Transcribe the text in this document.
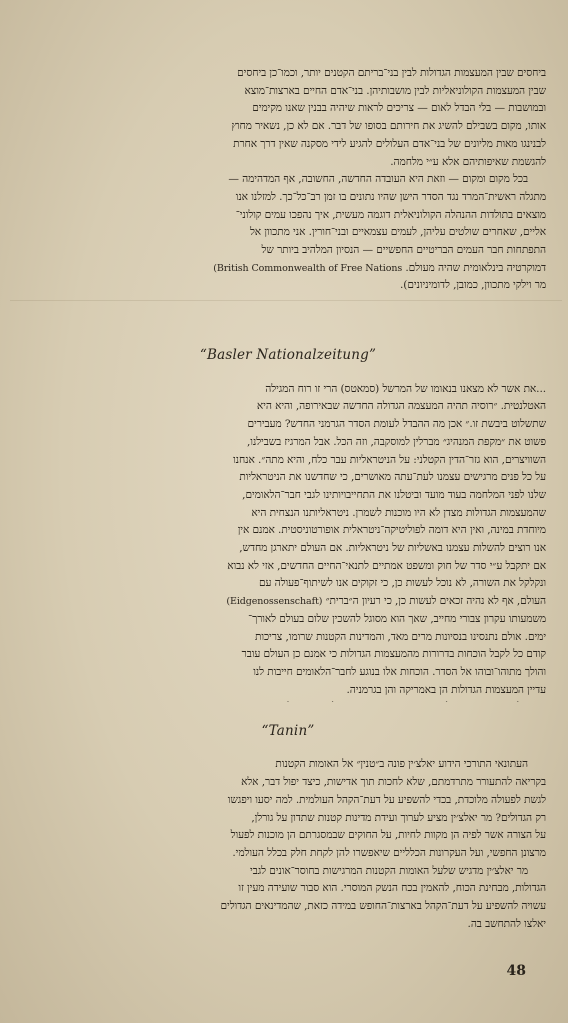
ביחסים שבין המעצמות הגדולות לבין בני־בריתם הקטנים יותר, וכמו־כן ביחסים

שבין המעצמות הקולוניאליות לבין מושבותיהן. בני־אדם החיים בארצות־מוצא

ובמושבות — בלי הבדל לאום — צריכים לראות שיהיה בבנין שאנו מקימים

אותו, מקום בשבילם להשיג את חירותם בסופו של דבר. אם לא כן, נשאיר מחוץ

לבנינגו מאות מליונים של בני־אדם העלולים להגיע לידי מסקנה שאין דרך אחרת

להגשמת שאיפותיהם אלא ע״י מלחמה.

בכל מקום ומקום — וזאת היא העובדה החדשה, החשובה, אף המדהימה —

מתגלה ראשית־המרד נגד הסדר הישן שהיו נתונים בו זמן רב־כל־כך. למזלנו אנו

מוצאים בתולדות ההנהלה הקולוניאלית דוגמה מעשית, איך נהפכו עמים קולוני־

אליים, שאחרים שולטים עליהן, לעמים עצמאיים ובני־חורין. אני מתכוון אל

התפתחות חבר העמים הבריטיים החפשיים — הנסיון המלהיב ביותר של

דמוקרטיה בינלאומית שהיה מעולם. (British Commonwealth of Free Nations

מר וילקי מתכוון, כמובן, לדומיניונים).

“Basler Nationalzeitung”

...את אשר לא מצאנו בנאומו של המרשל (סמאטס) הרי זו רוח המגילה

האטלנטית. ״רוסיה תהיה המעצמה הגדולה החדשה שבאירופה, והיא היא

שתשלוט ביבשת זו.״ אכן מה ההבדל לעומת הסדר הגרמני החדש? מעבירים

פשוט את ״מקפת המנהיג״ מברלין למוסקבה, וזה הכל. אבל המרגיז בשבילנו,

השוויצרים, הוא גזר־הדין הקטלני: על הניטראליות עבר כלח, והיא מתה״. אנחנו

על כל פנים מרגישים עצמנו לעת־עתה מאושרים, כי שחדשנו את הניטראליות

שלנו לפני המלחמה בעוד מועד וביטלנו את התחייבויותינו לגבי חבר־הלאומים,

שהמעצמות הגדולות מצדן לא היו מוכנות לשמרן. ניטראליותנו הנצחית היא

מיוחדת במינה, ואין היא דומה לפוליטיקה־ניטראלית אופורטוניסטית. אמנם אין

אנו רוצים להשלות עצמנו באשליות של ניטראליות. אם העולם יתארגן מחדש,

אם יתקבל ע״י סדר של חוק ומשפט אמתיים לתנאי־החיים החדשים, אזי לא נבוא

ונקלקל את השורה, לא נוכל לעשות כן, כי זקוקים אנו לשיתוף־פעולה עם

העולם, אף לא נהיה זכאים לעשות כן, כי רעיון ה״ברית״ (Eidgenossenschaft)

משמעותו עקרון צבורי מחייב, שאך הוא מסוגל להשכין שלום בעולם לאורך־

ימים. אולם נתנסינו בנסיונות מרים מאד, והמדינות הקטנות שרומו, צריכות

קודם כל לקבל הוכחות בדרורות מהמעצמות הגדולות כי אמנם כן העולם עובר

והולך מתוהו־ובוהו אל הסדר. הוכחות אלו בנוגע לחבר־הלאומים חייבות לנו

עדיין המעצמות הגדולות הן באמריקה והן בגרמניה.

“Tanin”

העתונאי התורכי הידוע יאלצ׳ין פונה ב״טנין״ אל האומות הקטנות

בקריאה להתעורר מתרדמתם, שלא לחכות תוך אדישות, כיצד יפול דבר, אלא

לגשת לפעולה מלוכדת, בכדי להשפיע על דעת־הקהל העולמית. למה יסעו ויפגשו

רק הגדולים? מר יאלצ׳ין מציע לערוך ועידת מדינות קטנות שתדון על גורלן,

על הצורה אשר לפיה הן מקוות לחיות, על החוקים שבמסגרתם הן מוכנות לפעול

מרצונן החפשי, ועל העקרונות הכלליים שיאפשרו להן לקחת חלק בכלל העולמי.

מר יאלצ׳ין מדגיש שלעל האומות הקטנות המרגישות בחוסר־אונים לגבי

הגדולות, מבחינת הכוח, להאמין בכח הנשק המוסרי. הוא סבור שועידה מעין זו

עשויה להשפיע על דעת־הקהל בארצות־החופש במידה כזאת, שהמדינאים הגדולים

יאלצו להתחשב בה.

48
